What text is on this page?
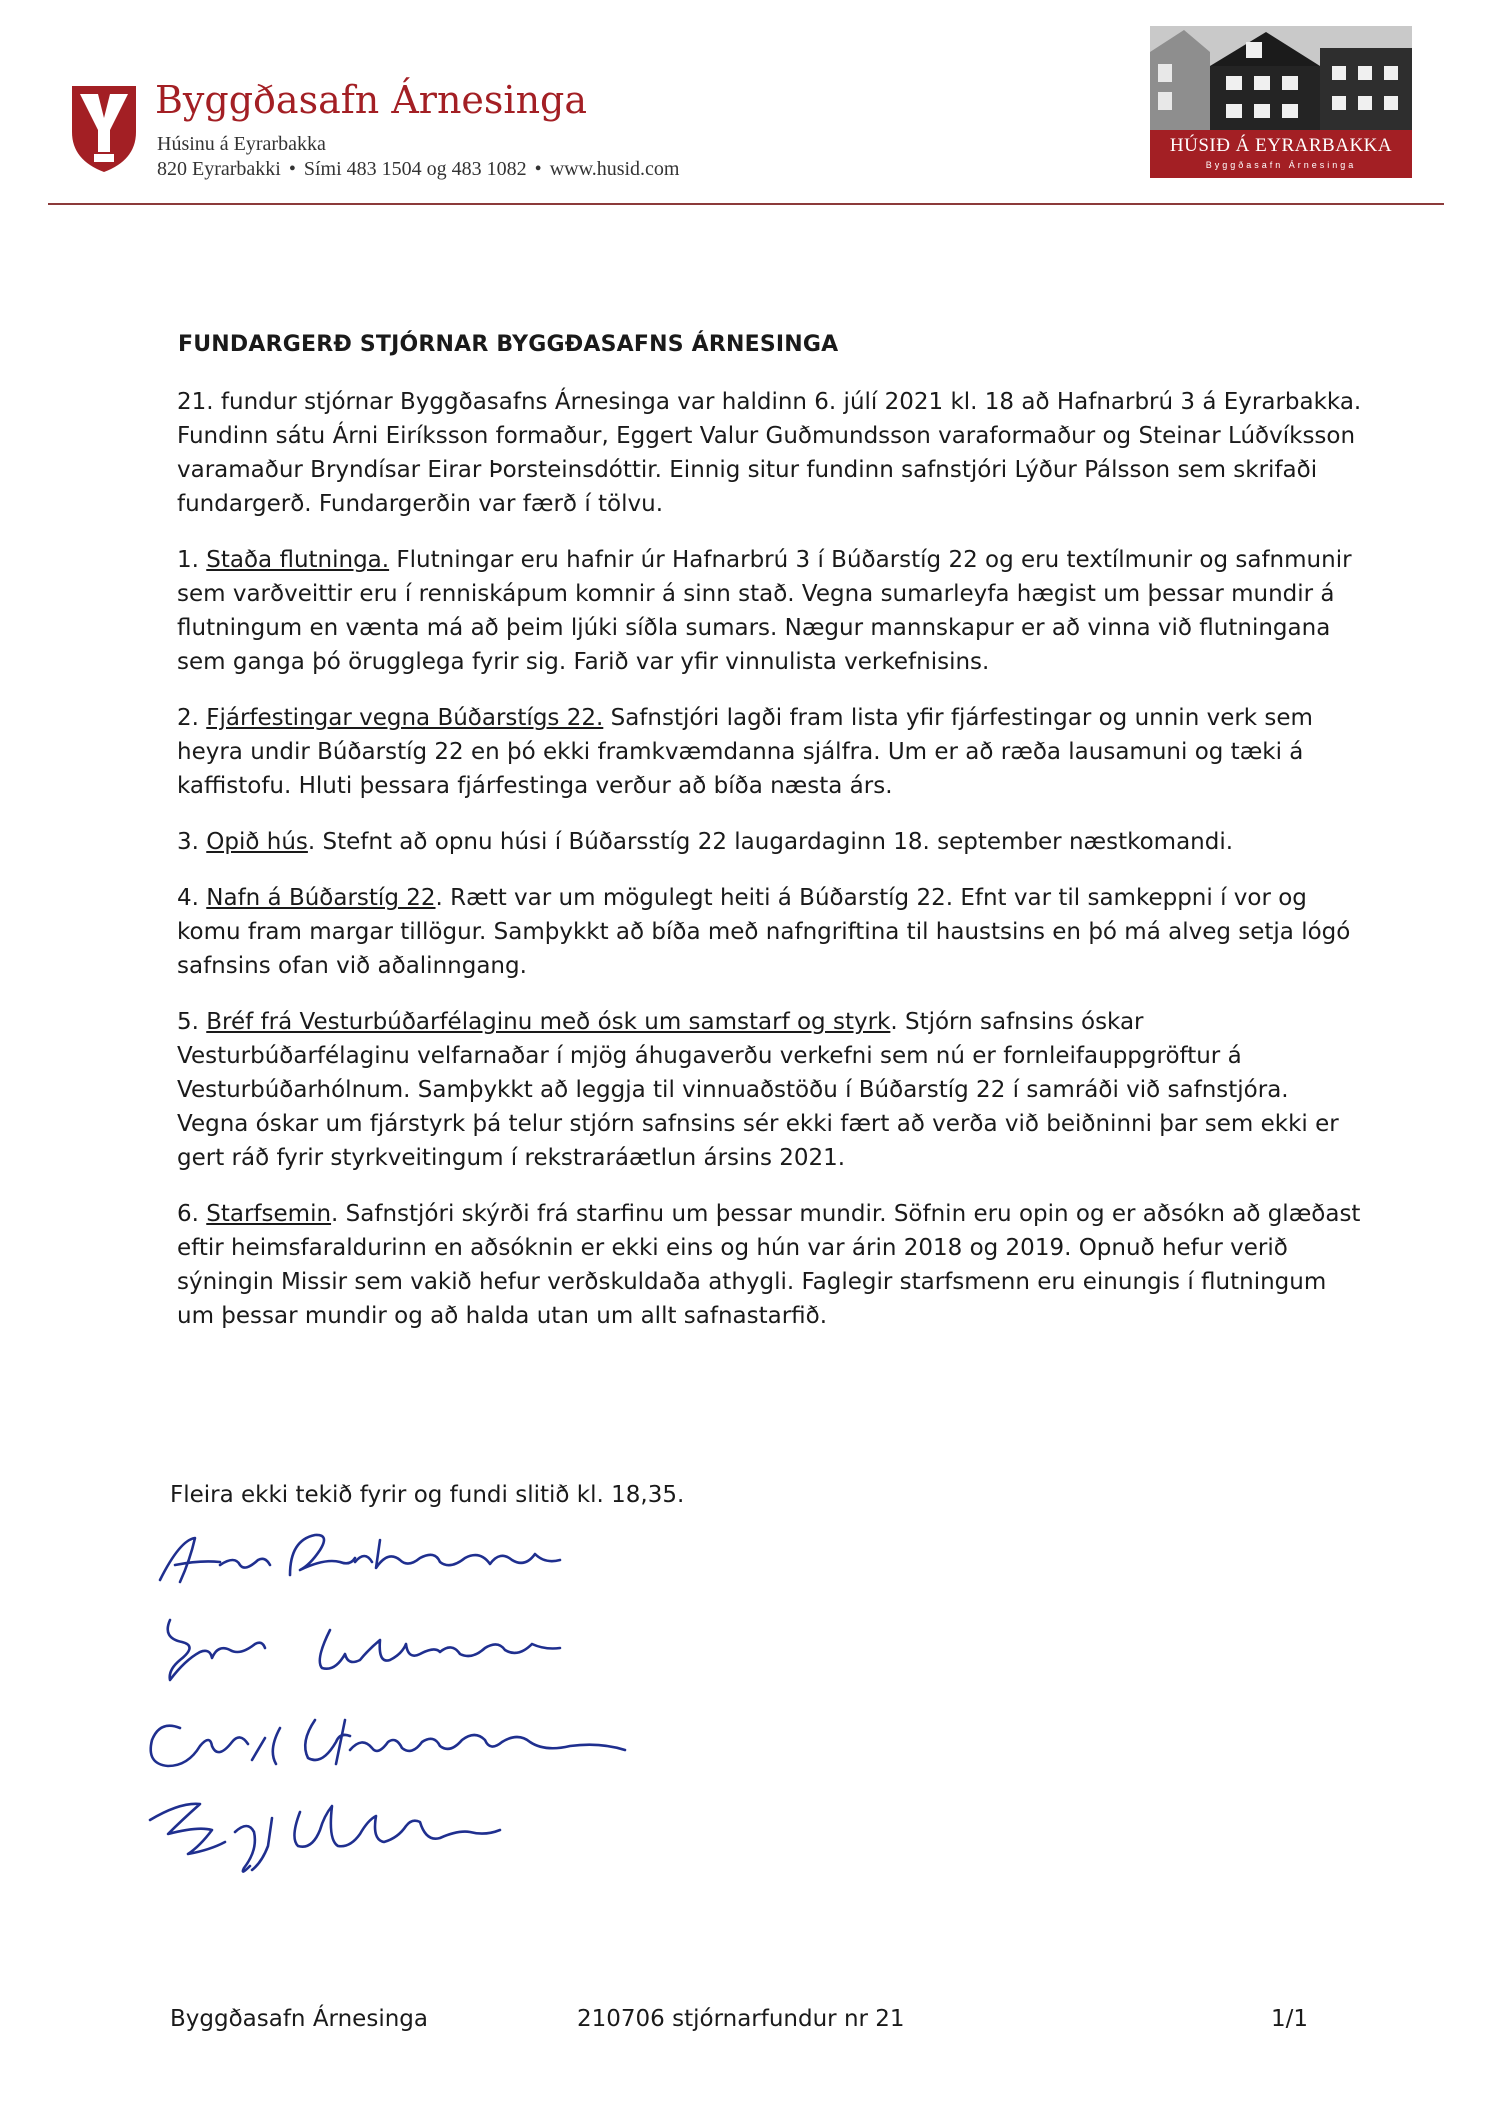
Byggðasafn Árnesinga
Húsinu á Eyrarbakka
820 Eyrarbakki • Sími 483 1504 og 483 1082 • www.husid.com
HÚSIÐ Á EYRARBAKKA
Byggðasafn Árnesinga
FUNDARGERÐ STJÓRNAR BYGGÐASAFNS ÁRNESINGA

21. fundur stjórnar Byggðasafns Árnesinga var haldinn 6. júlí 2021 kl. 18 að Hafnarbrú 3 á Eyrarbakka. Fundinn sátu Árni Eiríksson formaður, Eggert Valur Guðmundsson varaformaður og Steinar Lúðvíksson varamaður Bryndísar Eirar Þorsteinsdóttir. Einnig situr fundinn safnstjóri Lýður Pálsson sem skrifaði fundargerð. Fundargerðin var færð í tölvu.

1. Staða flutninga. Flutningar eru hafnir úr Hafnarbrú 3 í Búðarstíg 22 og eru textílmunir og safnmunir sem varðveittir eru í renniskápum komnir á sinn stað. Vegna sumarleyfa hægist um þessar mundir á flutningum en vænta má að þeim ljúki síðla sumars. Nægur mannskapur er að vinna við flutningana sem ganga þó örugglega fyrir sig. Farið var yfir vinnulista verkefnisins.

2. Fjárfestingar vegna Búðarstígs 22. Safnstjóri lagði fram lista yfir fjárfestingar og unnin verk sem heyra undir Búðarstíg 22 en þó ekki framkvæmdanna sjálfra. Um er að ræða lausamuni og tæki á kaffistofu. Hluti þessara fjárfestinga verður að bíða næsta árs.

3. Opið hús. Stefnt að opnu húsi í Búðarsstíg 22 laugardaginn 18. september næstkomandi.

4. Nafn á Búðarstíg 22. Rætt var um mögulegt heiti á Búðarstíg 22. Efnt var til samkeppni í vor og komu fram margar tillögur. Samþykkt að bíða með nafngriftina til haustsins en þó má alveg setja lógó safnsins ofan við aðalinngang.

5. Bréf frá Vesturbúðarfélaginu með ósk um samstarf og styrk. Stjórn safnsins óskar Vesturbúðarfélaginu velfarnaðar í mjög áhugaverðu verkefni sem nú er fornleifauppgröftur á Vesturbúðarhólnum. Samþykkt að leggja til vinnuaðstöðu í Búðarstíg 22 í samráði við safnstjóra. Vegna óskar um fjárstyrk þá telur stjórn safnsins sér ekki fært að verða við beiðninni þar sem ekki er gert ráð fyrir styrkveitingum í rekstraráætlun ársins 2021.

6. Starfsemin. Safnstjóri skýrði frá starfinu um þessar mundir. Söfnin eru opin og er aðsókn að glæðast eftir heimsfaraldurinn en aðsóknin er ekki eins og hún var árin 2018 og 2019. Opnuð hefur verið sýningin Missir sem vakið hefur verðskuldaða athygli. Faglegir starfsmenn eru einungis í flutningum um þessar mundir og að halda utan um allt safnastarfið.

Fleira ekki tekið fyrir og fundi slitið kl. 18,35.
Byggðasafn Árnesinga	210706 stjórnarfundur nr 21	1/1
